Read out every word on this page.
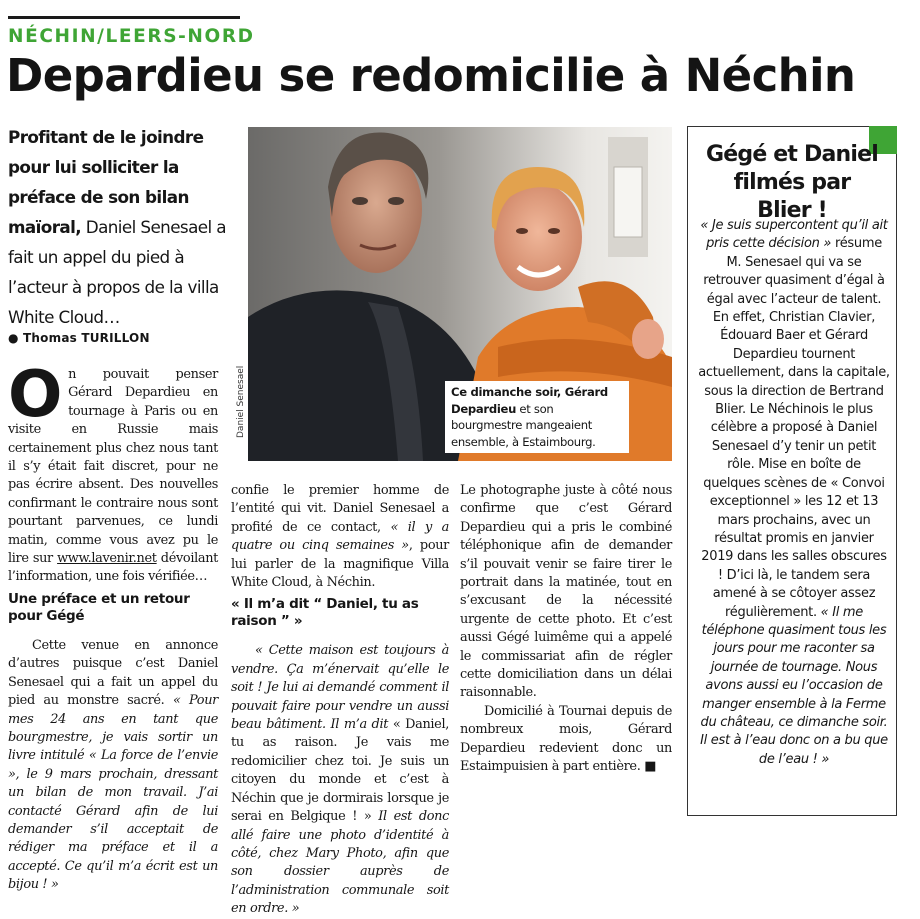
NÉCHIN/LEERS-NORD
Depardieu se redomicilie à Néchin
Profitant de le joindre pour lui solliciter la préface de son bilan maïoral, Daniel Senesael a fait un appel du pied à l’acteur à propos de la villa White Cloud…
● Thomas TURILLON
Daniel Senesael	Ce dimanche soir, Gérard Depardieu et son bourgmestre mangeaient ensemble, à Estaimbourg.

On pouvait penser Gérard Depardieu en tournage à Paris ou en visite en Russie mais certainement plus chez nous tant il s’y était fait discret, pour ne pas écrire absent. Des nouvelles confirmant le contraire nous sont pourtant parvenues, ce lundi matin, comme vous avez pu le lire sur www.lavenir.net dévoilant l’information, une fois vérifiée…

Une préface et un retour pour Gégé

Cette venue en annonce d’autres puisque c’est Daniel Senesael qui a fait un appel du pied au monstre sacré. « Pour mes 24 ans en tant que bourgmestre, je vais sortir un livre intitulé « La force de l’envie », le 9 mars prochain, dressant un bilan de mon travail. J’ai contacté Gérard afin de lui demander s’il acceptait de rédiger ma préface et il a accepté. Ce qu’il m’a écrit est un bijou ! »

confie le premier homme de l’entité qui vit. Daniel Senesael a profité de ce contact, « il y a quatre ou cinq semaines », pour lui parler de la magnifique Villa White Cloud, à Néchin.

« Il m’a dit “ Daniel, tu as raison ” »

« Cette maison est toujours à vendre. Ça m’énervait qu’elle le soit ! Je lui ai demandé comment il pouvait faire pour vendre un aussi beau bâtiment. Il m’a dit « Daniel, tu as raison. Je vais me redomicilier chez toi. Je suis un citoyen du monde et c’est à Néchin que je dormirais lorsque je serai en Belgique ! » Il est donc allé faire une photo d’identité à côté, chez Mary Photo, afin que son dossier auprès de l’administration communale soit en ordre. »

Le photographe juste à côté nous confirme que c’est Gérard Depardieu qui a pris le combiné téléphonique afin de demander s’il pouvait venir se faire tirer le portrait dans la matinée, tout en s’excusant de la nécessité urgente de cette photo. Et c’est aussi Gégé luimême qui a appelé le commissariat afin de régler cette domiciliation dans un délai raisonnable.

Domicilié à Tournai depuis de nombreux mois, Gérard Depardieu redevient donc un Estaimpuisien à part entière. ■

Gégé et Daniel filmés par Blier !
« Je suis supercontent qu’il ait pris cette décision » résume M. Senesael qui va se retrouver quasiment d’égal à égal avec l’acteur de talent. En effet, Christian Clavier, Édouard Baer et Gérard Depardieu tournent actuellement, dans la capitale, sous la direction de Bertrand Blier. Le Néchinois le plus célèbre a proposé à Daniel Senesael d’y tenir un petit rôle. Mise en boîte de quelques scènes de « Convoi exceptionnel » les 12 et 13 mars prochains, avec un résultat promis en janvier 2019 dans les salles obscures ! D’ici là, le tandem sera amené à se côtoyer assez régulièrement. « Il me téléphone quasiment tous les jours pour me raconter sa journée de tournage. Nous avons aussi eu l’occasion de manger ensemble à la Ferme du château, ce dimanche soir. Il est à l’eau donc on a bu que de l’eau ! »
